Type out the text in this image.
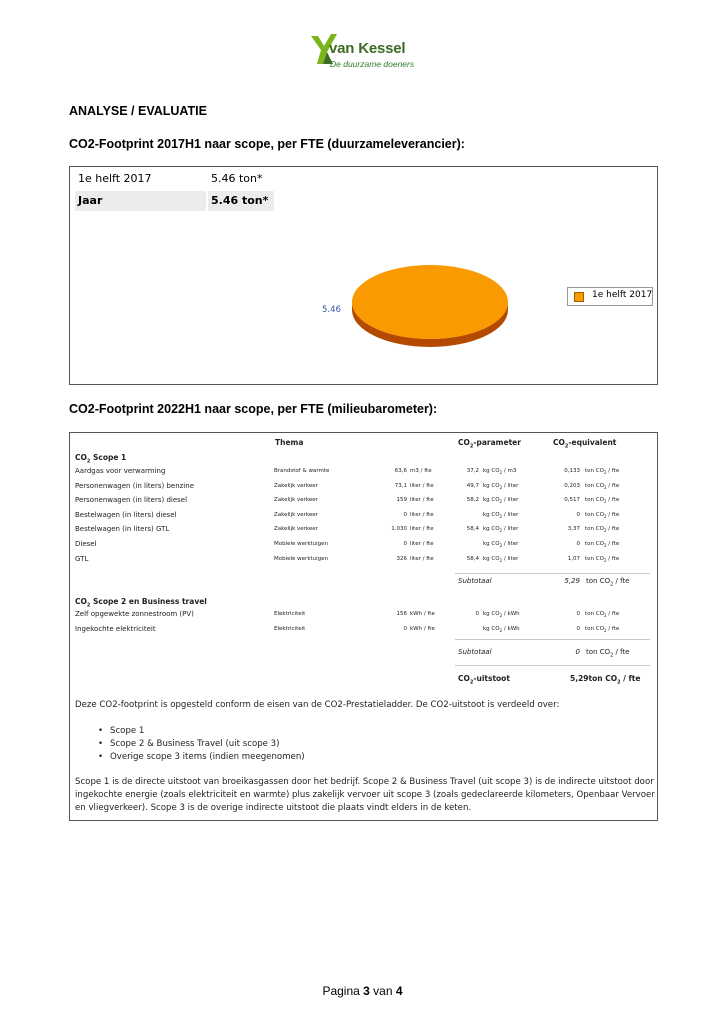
van Kessel
De duurzame doeners
ANALYSE / EVALUATIE
CO2-Footprint 2017H1 naar scope, per FTE (duurzameleverancier):
1e helft 2017	5.46 ton*
Jaar	5.46 ton*
5.46
1e helft 2017
CO2-Footprint 2022H1 naar scope, per FTE (milieubarometer):
Thema	$CO_2$-parameter	$CO_2$-equivalent
$CO_2$ Scope 1
Aardgas voor verwarming	Brandstof & warmte	63,6 m3 / fte	37,2 kg $CO_2 / m3$	0,133 ton $CO_2$ / fte
Personenwagen (in liters) benzine	Zakelijk verkeer	73,1 liter / fte	49,7 kg $CO_2$ / liter	0,203 ton $CO_2$ / fte
Personenwagen (in liters) diesel	Zakelijk verkeer	159 liter / fte	58,2 kg $CO_2$ / liter	0,517 ton $CO_2$ / fte
Bestelwagen (in liters) diesel	Zakelijk verkeer	0 liter / fte	kg $CO_2$ / liter	0 ton $CO_2$ / fte
Bestelwagen (in liters) GTL	Zakelijk verkeer	1.030 liter / fte	58,4 kg $CO_2$ / liter	3,37 ton $CO_2$ / fte
Diesel	Mobiele werktuigen	0 liter / fte	kg $CO_2$ / liter	0 ton $CO_2$ / fte
GTL	Mobiele werktuigen	326 liter / fte	58,4 kg $CO_2$ / liter	1,07 ton $CO_2$ / fte
Subtotaal	5,29 ton $CO_2$ / fte
$CO_2$ Scope 2 en Business travel
Zelf opgewekte zonnestroom (PV)	Elektriciteit	156 kWh / fte	0 kg $CO_2$ / kWh	0 ton $CO_2$ / fte
Ingekochte elektriciteit	Elektriciteit	0 kWh / fte	kg $CO_2$ / kWh	0 ton $CO_2$ / fte
Subtotaal	0 ton $CO_2$ / fte
$CO_2$-uitstoot	5,29ton $CO_2$ / fte
Deze CO2-footprint is opgesteld conform de eisen van de CO2-Prestatieladder. De CO2-uitstoot is verdeeld over:
• Scope 1
• Scope 2 & Business Travel (uit scope 3)
• Overige scope 3 items (indien meegenomen)
Scope 1 is de directe uitstoot van broeikasgassen door het bedrijf. Scope 2 & Business Travel (uit scope 3) is de indirecte uitstoot door ingekochte energie (zoals elektriciteit en warmte) plus zakelijk vervoer uit scope 3 (zoals gedeclareerde kilometers, Openbaar Vervoer en vliegverkeer). Scope 3 is de overige indirecte uitstoot die plaats vindt elders in de keten.
Pagina 3 van 4
